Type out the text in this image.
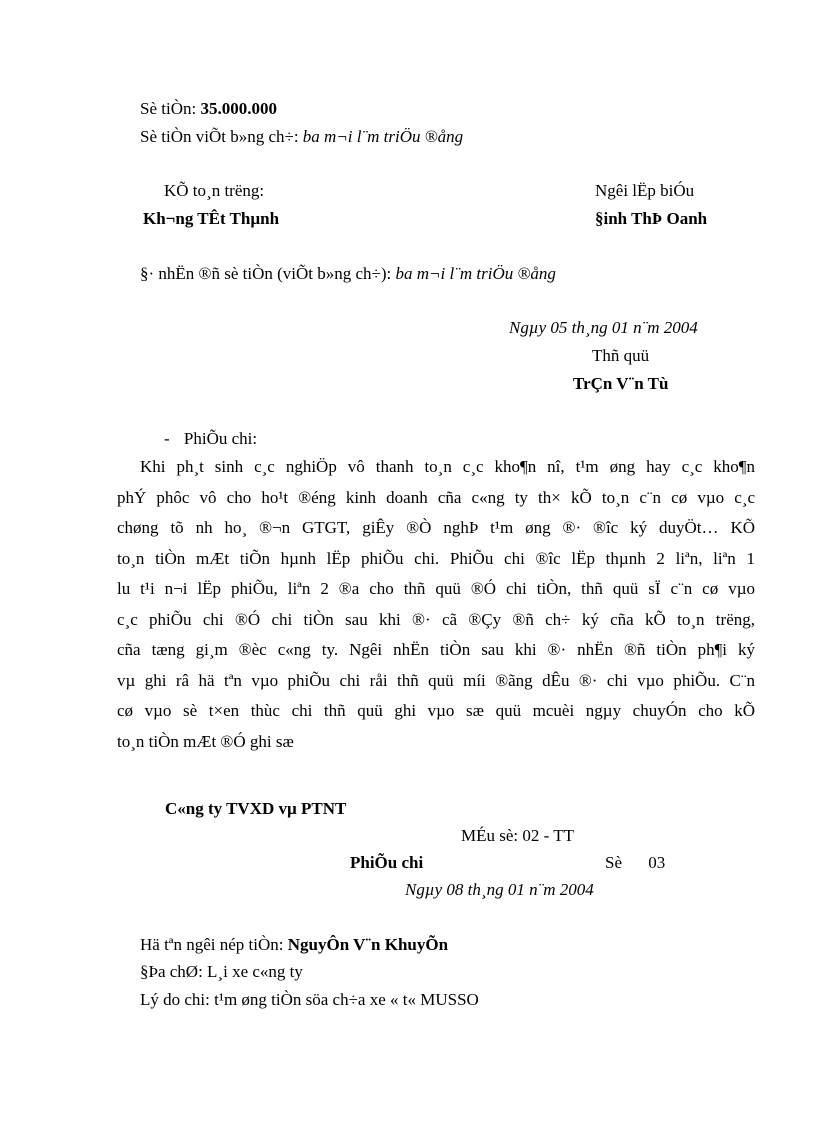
Sè tiÒn: 35.000.000
Sè tiÒn viÕt b»ng ch÷: ba m¬i l¨m triÖu ®ång
KÕ to¸n trëng:
Kh¬ng TÊt Thµnh
Ngêi lËp biÓu
§inh ThÞ Oanh
§· nhËn ®ñ sè tiÒn (viÕt b»ng ch÷): ba m¬i l¨m triÖu ®ång
Ngµy 05 th¸ng 01 n¨m 2004
Thñ quü
TrÇn V¨n Tù
- PhiÕu chi:
Khi ph¸t sinh c¸c nghiÖp vô thanh to¸n c¸c kho¶n nî, t¹m øng hay c¸c kho¶n
phÝ phôc vô cho ho¹t ®éng kinh doanh cña c«ng ty th× kÕ to¸n c¨n cø vµo c¸c
chøng tõ nh ho¸ ®¬n GTGT, giÊy ®Ò nghÞ t¹m øng ®· ®îc ký duyÖt… KÕ
to¸n tiÒn mÆt tiÕn hµnh lËp phiÕu chi. PhiÕu chi ®îc lËp thµnh 2 liªn, liªn 1
lu t¹i n¬i lËp phiÕu, liªn 2 ®a cho thñ quü ®Ó chi tiÒn, thñ quü sÏ c¨n cø vµo
c¸c phiÕu chi ®Ó chi tiÒn sau khi ®· cã ®Çy ®ñ ch÷ ký cña kÕ to¸n trëng,
cña tæng gi¸m ®èc c«ng ty. Ngêi nhËn tiÒn sau khi ®· nhËn ®ñ tiÒn ph¶i ký
vµ ghi râ hä tªn vµo phiÕu chi råi thñ quü míi ®ãng dÊu ®· chi vµo phiÕu. C¨n
cø vµo sè t×en thùc chi thñ quü ghi vµo sæ quü mcuèi ngµy chuyÓn cho kÕ
to¸n tiÒn mÆt ®Ó ghi sæ
C«ng ty TVXD vµ PTNT
MÉu sè: 02 - TT
PhiÕu chi	Sè 03
Ngµy 08 th¸ng 01 n¨m 2004
Hä tªn ngêi nép tiÒn: NguyÔn V¨n KhuyÕn
§Þa chØ: L¸i xe c«ng ty
Lý do chi: t¹m øng tiÒn söa ch÷a xe « t« MUSSO
